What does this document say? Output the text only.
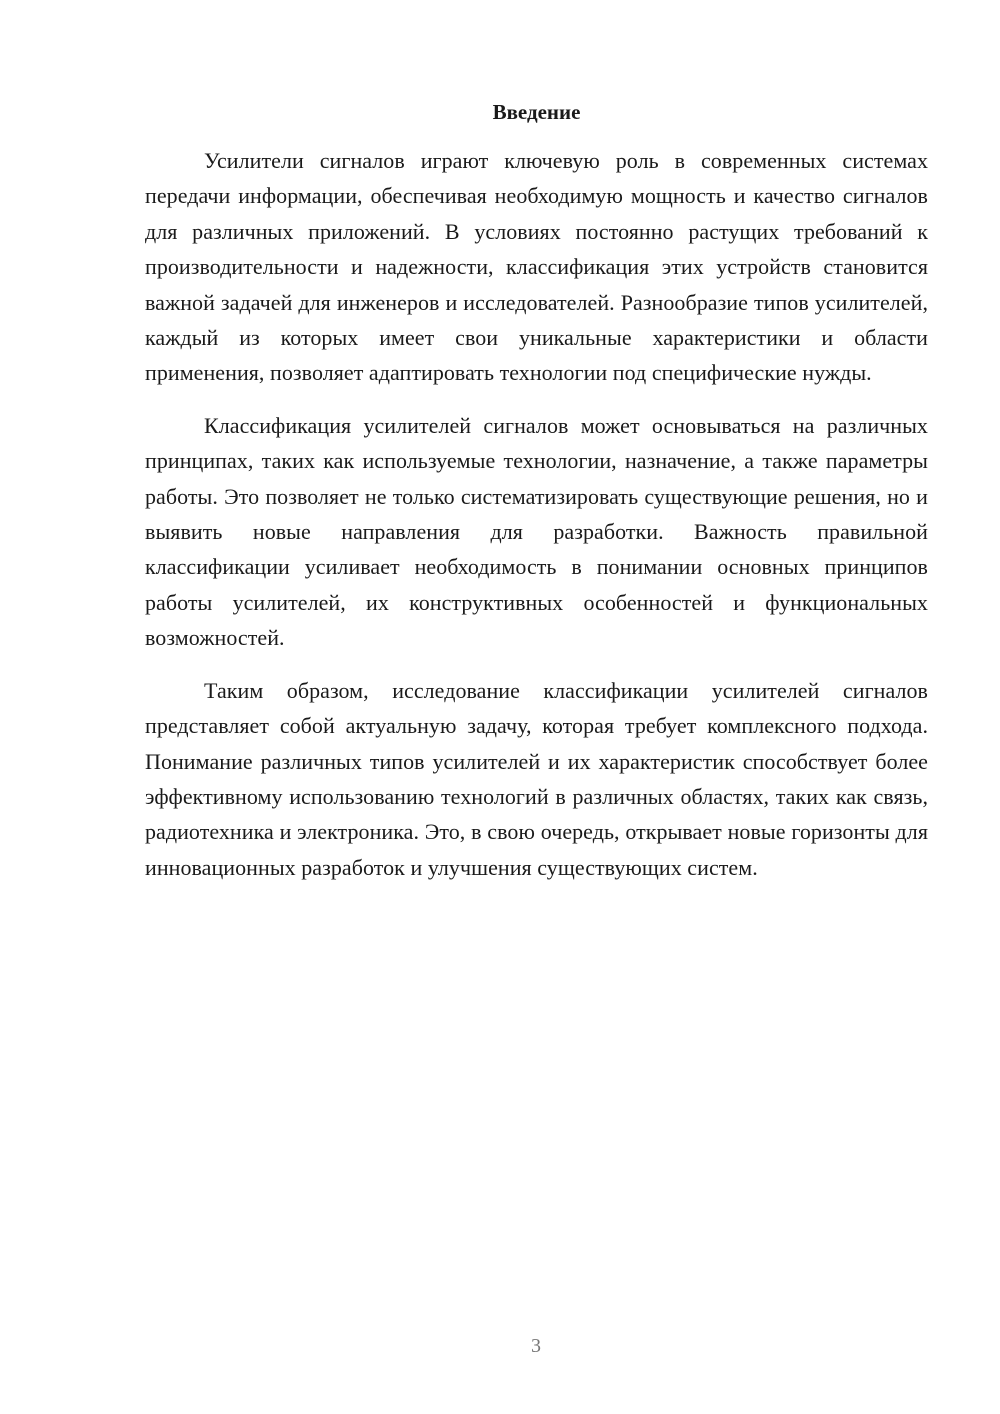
Введение

Усилители сигналов играют ключевую роль в современных системах передачи информации, обеспечивая необходимую мощность и качество сигналов для различных приложений. В условиях постоянно растущих требований к производительности и надежности, классификация этих устройств становится важной задачей для инженеров и исследователей. Разнообразие типов усилителей, каждый из которых имеет свои уникальные характеристики и области применения, позволяет адаптировать технологии под специфические нужды.

Классификация усилителей сигналов может основываться на различных принципах, таких как используемые технологии, назначение, а также параметры работы. Это позволяет не только систематизировать существующие решения, но и выявить новые направления для разработки. Важность правильной классификации усиливает необходимость в понимании основных принципов работы усилителей, их конструктивных особенностей и функциональных возможностей.

Таким образом, исследование классификации усилителей сигналов представляет собой актуальную задачу, которая требует комплексного подхода. Понимание различных типов усилителей и их характеристик способствует более эффективному использованию технологий в различных областях, таких как связь, радиотехника и электроника. Это, в свою очередь, открывает новые горизонты для инновационных разработок и улучшения существующих систем.

3
